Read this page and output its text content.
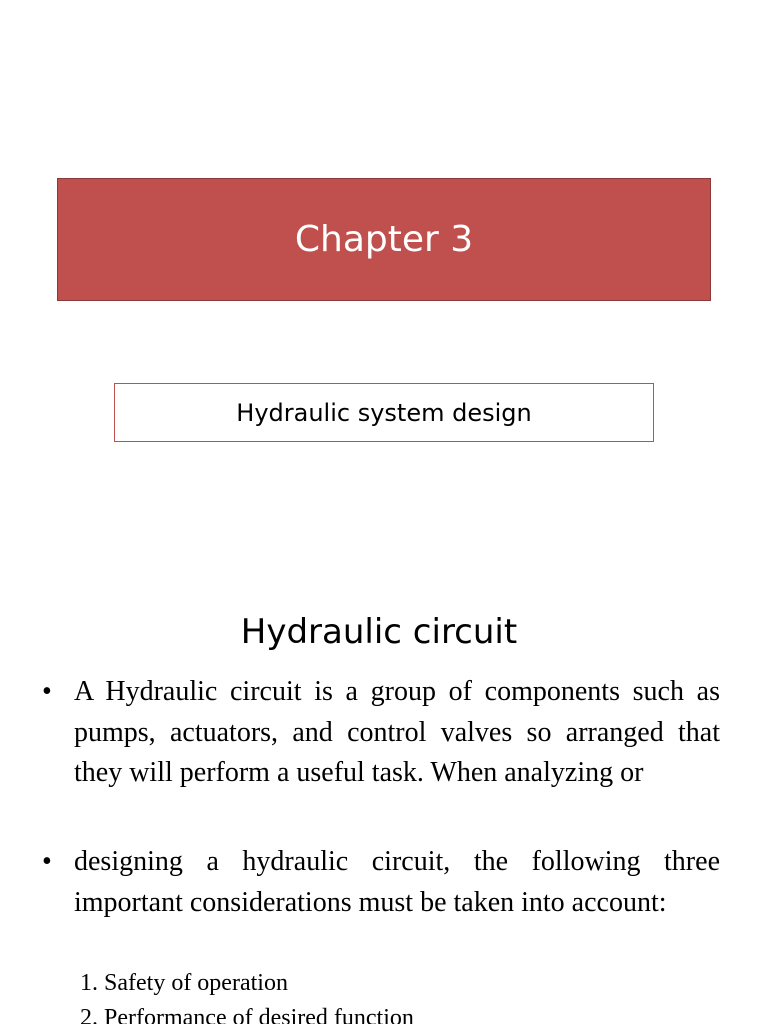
Chapter 3
Hydraulic system design
Hydraulic circuit
• A Hydraulic circuit is a group of components such as pumps, actuators, and control valves so arranged that they will perform a useful task. When analyzing or
• designing a hydraulic circuit, the following three important considerations must be taken into account:
1. Safety of operation
2. Performance of desired function
